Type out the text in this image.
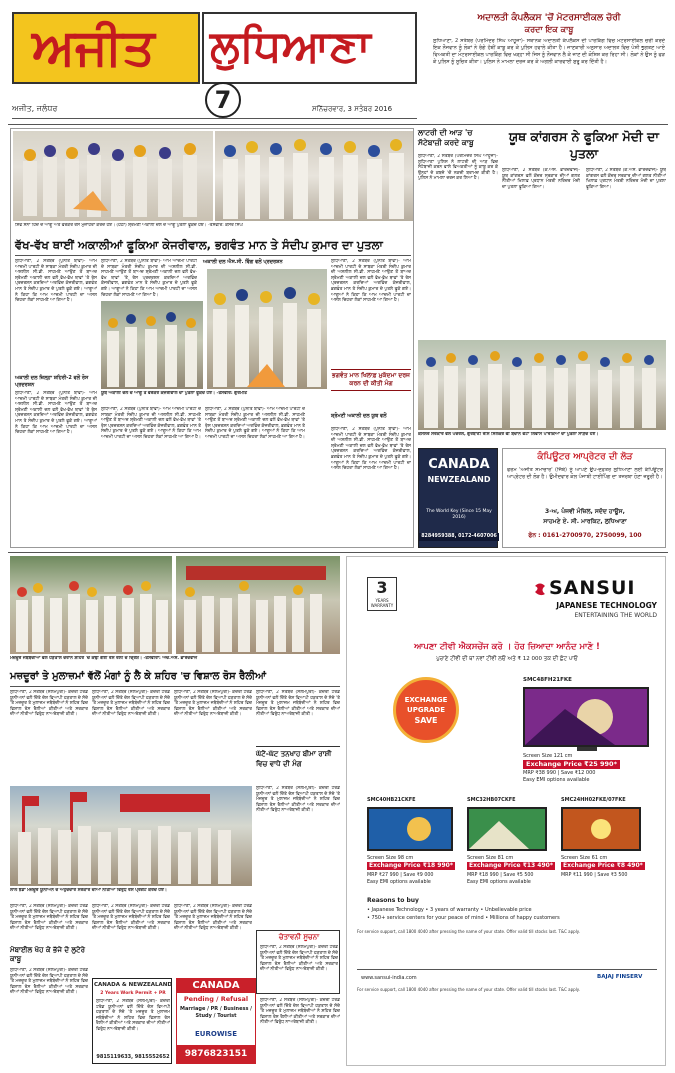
ਅਜੀਤ ਲੁਧਿਆਣਾ
7
ਅਜੀਤ, ਜਲੰਧਰ	ਸਨਿੱਚਰਵਾਰ, 3 ਸਤੰਬਰ 2016
ਅਦਾਲਤੀ ਕੰਪਲੈਕਸ 'ਚੋਂ ਮੋਟਰਸਾਈਕਲ ਚੋਰੀ
ਕਰਦਾ ਇਕ ਕਾਬੂ
ਲੁਧਿਆਣਾ, 2 ਸਤੰਬਰ (ਪਰਮਿੰਦਰ ਸਿੰਘ ਆਹੂਜਾ)- ਸਥਾਨਕ ਅਦਾਲਤੀ ਕੰਪਲੈਕਸ ਦੀ ਪਾਰਕਿੰਗ ਵਿਚ ਮੋਟਰਸਾਈਕਲ ਚੋਰੀ ਕਰਦੇ ਇਕ ਨੌਜਵਾਨ ਨੂੰ ਲੋਕਾਂ ਨੇ ਰੰਗੇ ਹੱਥੀਂ ਕਾਬੂ ਕਰ ਕੇ ਪੁਲਿਸ ਹਵਾਲੇ ਕੀਤਾ ਹੈ। ਜਾਣਕਾਰੀ ਅਨੁਸਾਰ ਅਦਾਲਤ ਵਿਚ ਪੇਸ਼ੀ ਭੁਗਤਣ ਆਏ ਵਿਅਕਤੀ ਦਾ ਮੋਟਰਸਾਈਕਲ ਪਾਰਕਿੰਗ ਵਿਚ ਖੜ੍ਹਾ ਸੀ ਜਿਸ ਨੂੰ ਨੌਜਵਾਨ ਲੈ ਕੇ ਜਾਣ ਦੀ ਕੋਸ਼ਿਸ਼ ਕਰ ਰਿਹਾ ਸੀ। ਲੋਕਾਂ ਨੇ ਉਸ ਨੂੰ ਫੜ ਕੇ ਪੁਲਿਸ ਨੂੰ ਸੂਚਿਤ ਕੀਤਾ। ਪੁਲਿਸ ਨੇ ਮਾਮਲਾ ਦਰਜ ਕਰ ਕੇ ਅਗਲੀ ਕਾਰਵਾਈ ਸ਼ੁਰੂ ਕਰ ਦਿੱਤੀ ਹੈ।
ਸ਼ਿਵ ਸੈਨਾ ਹਿੰਦ ਦੇ ਆਗੂ ਅਤੇ ਵਰਕਰ ਰੋਸ ਮੁਜ਼ਾਹਰਾ ਕਰਦੇ ਹੋਏ। (ਹੇਠਾਂ) ਸ਼੍ਰੋਮਣੀ ਅਕਾਲੀ ਦਲ ਦੇ ਆਗੂ ਪੁਤਲਾ ਫੂਕਦੇ ਹੋਏ। -ਤਸਵੀਰ: ਕੇਸਰ ਸਿੰਘ
ਵੱਖ-ਵੱਖ ਥਾਈਂ ਅਕਾਲੀਆਂ ਫੂਕਿਆ ਕੇਜਰੀਵਾਲ, ਭਗਵੰਤ ਮਾਨ ਤੇ ਸੰਦੀਪ ਕੁਮਾਰ ਦਾ ਪੁਤਲਾ
ਲੁਧਿਆਣਾ, 2 ਸਤੰਬਰ (ਪੁਨੀਤ ਬਾਵਾ)- ਆਮ ਆਦਮੀ ਪਾਰਟੀ ਦੇ ਸਾਬਕਾ ਮੰਤਰੀ ਸੰਦੀਪ ਕੁਮਾਰ ਦੀ ਅਸ਼ਲੀਲ ਸੀ.ਡੀ. ਸਾਹਮਣੇ ਆਉਣ ਤੋਂ ਬਾਅਦ ਸ਼੍ਰੋਮਣੀ ਅਕਾਲੀ ਦਲ ਵਲੋਂ ਵੱਖ-ਵੱਖ ਥਾਵਾਂ 'ਤੇ ਰੋਸ ਪ੍ਰਦਰਸ਼ਨ ਕਰਦਿਆਂ ਅਰਵਿੰਦ ਕੇਜਰੀਵਾਲ, ਭਗਵੰਤ ਮਾਨ ਤੇ ਸੰਦੀਪ ਕੁਮਾਰ ਦੇ ਪੁਤਲੇ ਫੂਕੇ ਗਏ। ਆਗੂਆਂ ਨੇ ਕਿਹਾ ਕਿ ਆਮ ਆਦਮੀ ਪਾਰਟੀ ਦਾ ਅਸਲ ਚਿਹਰਾ ਲੋਕਾਂ ਸਾਹਮਣੇ ਆ ਗਿਆ ਹੈ।
ਅਕਾਲੀ ਦਲ ਜ਼ਿਲ੍ਹਾ ਸ਼ਹਿਰੀ-2 ਵਲੋਂ ਰੋਸ ਪ੍ਰਦਰਸ਼ਨ
ਲੁਧਿਆਣਾ, 2 ਸਤੰਬਰ (ਪੁਨੀਤ ਬਾਵਾ)- ਆਮ ਆਦਮੀ ਪਾਰਟੀ ਦੇ ਸਾਬਕਾ ਮੰਤਰੀ ਸੰਦੀਪ ਕੁਮਾਰ ਦੀ ਅਸ਼ਲੀਲ ਸੀ.ਡੀ. ਸਾਹਮਣੇ ਆਉਣ ਤੋਂ ਬਾਅਦ ਸ਼੍ਰੋਮਣੀ ਅਕਾਲੀ ਦਲ ਵਲੋਂ ਵੱਖ-ਵੱਖ ਥਾਵਾਂ 'ਤੇ ਰੋਸ ਪ੍ਰਦਰਸ਼ਨ ਕਰਦਿਆਂ ਅਰਵਿੰਦ ਕੇਜਰੀਵਾਲ, ਭਗਵੰਤ ਮਾਨ ਤੇ ਸੰਦੀਪ ਕੁਮਾਰ ਦੇ ਪੁਤਲੇ ਫੂਕੇ ਗਏ। ਆਗੂਆਂ ਨੇ ਕਿਹਾ ਕਿ ਆਮ ਆਦਮੀ ਪਾਰਟੀ ਦਾ ਅਸਲ ਚਿਹਰਾ ਲੋਕਾਂ ਸਾਹਮਣੇ ਆ ਗਿਆ ਹੈ।
ਲੁਧਿਆਣਾ, 2 ਸਤੰਬਰ (ਪੁਨੀਤ ਬਾਵਾ)- ਆਮ ਆਦਮੀ ਪਾਰਟੀ ਦੇ ਸਾਬਕਾ ਮੰਤਰੀ ਸੰਦੀਪ ਕੁਮਾਰ ਦੀ ਅਸ਼ਲੀਲ ਸੀ.ਡੀ. ਸਾਹਮਣੇ ਆਉਣ ਤੋਂ ਬਾਅਦ ਸ਼੍ਰੋਮਣੀ ਅਕਾਲੀ ਦਲ ਵਲੋਂ ਵੱਖ-ਵੱਖ ਥਾਵਾਂ 'ਤੇ ਰੋਸ ਪ੍ਰਦਰਸ਼ਨ ਕਰਦਿਆਂ ਅਰਵਿੰਦ ਕੇਜਰੀਵਾਲ, ਭਗਵੰਤ ਮਾਨ ਤੇ ਸੰਦੀਪ ਕੁਮਾਰ ਦੇ ਪੁਤਲੇ ਫੂਕੇ ਗਏ। ਆਗੂਆਂ ਨੇ ਕਿਹਾ ਕਿ ਆਮ ਆਦਮੀ ਪਾਰਟੀ ਦਾ ਅਸਲ ਚਿਹਰਾ ਲੋਕਾਂ ਸਾਹਮਣੇ ਆ ਗਿਆ ਹੈ।
ਅਕਾਲੀ ਦਲ ਐਸ.ਸੀ. ਵਿੰਗ ਵਲੋਂ ਪ੍ਰਦਰਸ਼ਨ
ਯੂਥ ਅਕਾਲੀ ਦਲ ਦੇ ਆਗੂ ਤੇ ਵਰਕਰ ਕੇਜਰੀਵਾਲ ਦਾ ਪੁਤਲਾ ਫੂਕਦੇ ਹੋਏ। -ਤਸਵੀਰ: ਗੁਰਮੀਤ
ਲੁਧਿਆਣਾ, 2 ਸਤੰਬਰ (ਪੁਨੀਤ ਬਾਵਾ)- ਆਮ ਆਦਮੀ ਪਾਰਟੀ ਦੇ ਸਾਬਕਾ ਮੰਤਰੀ ਸੰਦੀਪ ਕੁਮਾਰ ਦੀ ਅਸ਼ਲੀਲ ਸੀ.ਡੀ. ਸਾਹਮਣੇ ਆਉਣ ਤੋਂ ਬਾਅਦ ਸ਼੍ਰੋਮਣੀ ਅਕਾਲੀ ਦਲ ਵਲੋਂ ਵੱਖ-ਵੱਖ ਥਾਵਾਂ 'ਤੇ ਰੋਸ ਪ੍ਰਦਰਸ਼ਨ ਕਰਦਿਆਂ ਅਰਵਿੰਦ ਕੇਜਰੀਵਾਲ, ਭਗਵੰਤ ਮਾਨ ਤੇ ਸੰਦੀਪ ਕੁਮਾਰ ਦੇ ਪੁਤਲੇ ਫੂਕੇ ਗਏ। ਆਗੂਆਂ ਨੇ ਕਿਹਾ ਕਿ ਆਮ ਆਦਮੀ ਪਾਰਟੀ ਦਾ ਅਸਲ ਚਿਹਰਾ ਲੋਕਾਂ ਸਾਹਮਣੇ ਆ ਗਿਆ ਹੈ।
ਲੁਧਿਆਣਾ, 2 ਸਤੰਬਰ (ਪੁਨੀਤ ਬਾਵਾ)- ਆਮ ਆਦਮੀ ਪਾਰਟੀ ਦੇ ਸਾਬਕਾ ਮੰਤਰੀ ਸੰਦੀਪ ਕੁਮਾਰ ਦੀ ਅਸ਼ਲੀਲ ਸੀ.ਡੀ. ਸਾਹਮਣੇ ਆਉਣ ਤੋਂ ਬਾਅਦ ਸ਼੍ਰੋਮਣੀ ਅਕਾਲੀ ਦਲ ਵਲੋਂ ਵੱਖ-ਵੱਖ ਥਾਵਾਂ 'ਤੇ ਰੋਸ ਪ੍ਰਦਰਸ਼ਨ ਕਰਦਿਆਂ ਅਰਵਿੰਦ ਕੇਜਰੀਵਾਲ, ਭਗਵੰਤ ਮਾਨ ਤੇ ਸੰਦੀਪ ਕੁਮਾਰ ਦੇ ਪੁਤਲੇ ਫੂਕੇ ਗਏ। ਆਗੂਆਂ ਨੇ ਕਿਹਾ ਕਿ ਆਮ ਆਦਮੀ ਪਾਰਟੀ ਦਾ ਅਸਲ ਚਿਹਰਾ ਲੋਕਾਂ ਸਾਹਮਣੇ ਆ ਗਿਆ ਹੈ।
ਲੁਧਿਆਣਾ, 2 ਸਤੰਬਰ (ਪੁਨੀਤ ਬਾਵਾ)- ਆਮ ਆਦਮੀ ਪਾਰਟੀ ਦੇ ਸਾਬਕਾ ਮੰਤਰੀ ਸੰਦੀਪ ਕੁਮਾਰ ਦੀ ਅਸ਼ਲੀਲ ਸੀ.ਡੀ. ਸਾਹਮਣੇ ਆਉਣ ਤੋਂ ਬਾਅਦ ਸ਼੍ਰੋਮਣੀ ਅਕਾਲੀ ਦਲ ਵਲੋਂ ਵੱਖ-ਵੱਖ ਥਾਵਾਂ 'ਤੇ ਰੋਸ ਪ੍ਰਦਰਸ਼ਨ ਕਰਦਿਆਂ ਅਰਵਿੰਦ ਕੇਜਰੀਵਾਲ, ਭਗਵੰਤ ਮਾਨ ਤੇ ਸੰਦੀਪ ਕੁਮਾਰ ਦੇ ਪੁਤਲੇ ਫੂਕੇ ਗਏ। ਆਗੂਆਂ ਨੇ ਕਿਹਾ ਕਿ ਆਮ ਆਦਮੀ ਪਾਰਟੀ ਦਾ ਅਸਲ ਚਿਹਰਾ ਲੋਕਾਂ ਸਾਹਮਣੇ ਆ ਗਿਆ ਹੈ।
ਭਗਵੰਤ ਮਾਨ ਖਿਲਾਫ਼ ਮੁਕੱਦਮਾ ਦਰਜ ਕਰਨ ਦੀ ਕੀਤੀ ਮੰਗ
ਸ਼੍ਰੋਮਣੀ ਅਕਾਲੀ ਦਲ ਯੂਥ ਵਲੋਂ
ਲੁਧਿਆਣਾ, 2 ਸਤੰਬਰ (ਪੁਨੀਤ ਬਾਵਾ)- ਆਮ ਆਦਮੀ ਪਾਰਟੀ ਦੇ ਸਾਬਕਾ ਮੰਤਰੀ ਸੰਦੀਪ ਕੁਮਾਰ ਦੀ ਅਸ਼ਲੀਲ ਸੀ.ਡੀ. ਸਾਹਮਣੇ ਆਉਣ ਤੋਂ ਬਾਅਦ ਸ਼੍ਰੋਮਣੀ ਅਕਾਲੀ ਦਲ ਵਲੋਂ ਵੱਖ-ਵੱਖ ਥਾਵਾਂ 'ਤੇ ਰੋਸ ਪ੍ਰਦਰਸ਼ਨ ਕਰਦਿਆਂ ਅਰਵਿੰਦ ਕੇਜਰੀਵਾਲ, ਭਗਵੰਤ ਮਾਨ ਤੇ ਸੰਦੀਪ ਕੁਮਾਰ ਦੇ ਪੁਤਲੇ ਫੂਕੇ ਗਏ। ਆਗੂਆਂ ਨੇ ਕਿਹਾ ਕਿ ਆਮ ਆਦਮੀ ਪਾਰਟੀ ਦਾ ਅਸਲ ਚਿਹਰਾ ਲੋਕਾਂ ਸਾਹਮਣੇ ਆ ਗਿਆ ਹੈ।
ਲਾਟਰੀ ਦੀ ਆੜ 'ਚ ਸੱਟੇਬਾਜ਼ੀ ਕਰਦੇ ਕਾਬੂ
ਲੁਧਿਆਣਾ, 2 ਸਤੰਬਰ (ਪਰਮਿੰਦਰ ਸਿੰਘ ਆਹੂਜਾ)- ਲੁਧਿਆਣਾ ਪੁਲਿਸ ਨੇ ਲਾਟਰੀ ਦੀ ਆੜ ਵਿਚ ਸੱਟੇਬਾਜ਼ੀ ਕਰਨ ਵਾਲੇ ਵਿਅਕਤੀਆਂ ਨੂੰ ਕਾਬੂ ਕਰ ਕੇ ਉਨ੍ਹਾਂ ਦੇ ਕਬਜ਼ੇ 'ਚੋਂ ਨਕਦੀ ਬਰਾਮਦ ਕੀਤੀ ਹੈ। ਪੁਲਿਸ ਨੇ ਮਾਮਲਾ ਦਰਜ ਕਰ ਲਿਆ ਹੈ।
ਯੂਥ ਕਾਂਗਰਸ ਨੇ ਫੂਕਿਆ ਮੋਦੀ ਦਾ ਪੁਤਲਾ
ਲੁਧਿਆਣਾ, 2 ਸਤੰਬਰ (ਕੇ.ਐਸ. ਭਾਰਦਵਾਜ)- ਯੂਥ ਕਾਂਗਰਸ ਵਲੋਂ ਕੇਂਦਰ ਸਰਕਾਰ ਦੀਆਂ ਗਲਤ ਨੀਤੀਆਂ ਖਿਲਾਫ਼ ਪ੍ਰਧਾਨ ਮੰਤਰੀ ਨਰਿੰਦਰ ਮੋਦੀ ਦਾ ਪੁਤਲਾ ਫੂਕਿਆ ਗਿਆ।
ਲੁਧਿਆਣਾ, 2 ਸਤੰਬਰ (ਕੇ.ਐਸ. ਭਾਰਦਵਾਜ)- ਯੂਥ ਕਾਂਗਰਸ ਵਲੋਂ ਕੇਂਦਰ ਸਰਕਾਰ ਦੀਆਂ ਗਲਤ ਨੀਤੀਆਂ ਖਿਲਾਫ਼ ਪ੍ਰਧਾਨ ਮੰਤਰੀ ਨਰਿੰਦਰ ਮੋਦੀ ਦਾ ਪੁਤਲਾ ਫੂਕਿਆ ਗਿਆ।
ਕੌਂਸਲਰ ਸਰਕਾਰ ਵਲੋਂ ਪੰਦਰੋਲ, ਗੁਰਬਾਣੀ ਰੀਸ ਸਿਲਕਰ ਵੀ ਬਦਾਨੇ ਵੇਟਾਂ ਲਿਵਾਸ ਪਾਰਕਿਆਂ ਦਾ ਪੁਤਲਾ ਸਾੜਦੇ ਹੋਏ।
CANADA
NEWZEALAND
The World Key (Since 15 May 2016)
8284959388, 0172-4607006
ਕੰਪਿਊਟਰ ਆਪ੍ਰੇਟਰ ਦੀ ਲੋੜ
ਫਰਮ 'ਅਜੀਤ ਸਮਾਚਾਰ' (ਜਿੱਥੇ) ਨੂੰ ਆਪਣੇ ਉਪ-ਦਫ਼ਤਰ ਲੁਧਿਆਣਾ ਲਈ ਕੰਪਿਊਟਰ ਆਪ੍ਰੇਟਰ ਦੀ ਲੋੜ ਹੈ। ਉਮੀਦਵਾਰ ਕੋਲ ਪੰਜਾਬੀ ਟਾਈਪਿੰਗ ਦਾ ਤਜਰਬਾ ਹੋਣਾ ਜ਼ਰੂਰੀ ਹੈ।
3-ਅ, ਪੰਜਵੀ ਮੰਜ਼ਿਲ, ਸਦੱਦ ਹਾਊਸ,
ਸਾਹਮਣੇ ਏ. ਸੀ. ਮਾਰਕਿਟ, ਲੁਧਿਆਣਾ
ਫੋਨ : 0161-2700970, 2750099, 100
ਮਜ਼ਦੂਰ ਜਥੇਬੰਦੀਆਂ ਵਲੋਂ ਹੜਤਾਲ ਦੌਰਾਨ ਸ਼ਹਿਰ 'ਚ ਕੱਢੀ ਗਈ ਰੋਸ ਰੈਲੀ ਦੇ ਦ੍ਰਿਸ਼। -ਤਸਵੀਰਾਂ: ਐਚ.ਐਸ. ਭਾਰਦਵਾਜ
ਮਜ਼ਦੂਰਾਂ ਤੇ ਮੁਲਾਜ਼ਮਾਂ ਵੱਲੋਂ ਮੰਗਾਂ ਨੂੰ ਲੈ ਕੇ ਸ਼ਹਿਰ 'ਚ ਵਿਸ਼ਾਲ ਰੋਸ ਰੈਲੀਆਂ
ਲੁਧਿਆਣਾ, 2 ਸਤੰਬਰ (ਸਲੇਮਪੁਰੀ)- ਕੇਂਦਰੀ ਟਰੇਡ ਯੂਨੀਅਨਾਂ ਵਲੋਂ ਦਿੱਤੇ ਦੇਸ਼ ਵਿਆਪੀ ਹੜਤਾਲ ਦੇ ਸੱਦੇ 'ਤੇ ਮਜ਼ਦੂਰ ਤੇ ਮੁਲਾਜ਼ਮ ਜਥੇਬੰਦੀਆਂ ਨੇ ਸ਼ਹਿਰ ਵਿਚ ਵਿਸ਼ਾਲ ਰੋਸ ਰੈਲੀਆਂ ਕੀਤੀਆਂ ਅਤੇ ਸਰਕਾਰ ਦੀਆਂ ਨੀਤੀਆਂ ਵਿਰੁੱਧ ਨਾਅਰੇਬਾਜ਼ੀ ਕੀਤੀ।
ਲੁਧਿਆਣਾ, 2 ਸਤੰਬਰ (ਸਲੇਮਪੁਰੀ)- ਕੇਂਦਰੀ ਟਰੇਡ ਯੂਨੀਅਨਾਂ ਵਲੋਂ ਦਿੱਤੇ ਦੇਸ਼ ਵਿਆਪੀ ਹੜਤਾਲ ਦੇ ਸੱਦੇ 'ਤੇ ਮਜ਼ਦੂਰ ਤੇ ਮੁਲਾਜ਼ਮ ਜਥੇਬੰਦੀਆਂ ਨੇ ਸ਼ਹਿਰ ਵਿਚ ਵਿਸ਼ਾਲ ਰੋਸ ਰੈਲੀਆਂ ਕੀਤੀਆਂ ਅਤੇ ਸਰਕਾਰ ਦੀਆਂ ਨੀਤੀਆਂ ਵਿਰੁੱਧ ਨਾਅਰੇਬਾਜ਼ੀ ਕੀਤੀ।
ਲੁਧਿਆਣਾ, 2 ਸਤੰਬਰ (ਸਲੇਮਪੁਰੀ)- ਕੇਂਦਰੀ ਟਰੇਡ ਯੂਨੀਅਨਾਂ ਵਲੋਂ ਦਿੱਤੇ ਦੇਸ਼ ਵਿਆਪੀ ਹੜਤਾਲ ਦੇ ਸੱਦੇ 'ਤੇ ਮਜ਼ਦੂਰ ਤੇ ਮੁਲਾਜ਼ਮ ਜਥੇਬੰਦੀਆਂ ਨੇ ਸ਼ਹਿਰ ਵਿਚ ਵਿਸ਼ਾਲ ਰੋਸ ਰੈਲੀਆਂ ਕੀਤੀਆਂ ਅਤੇ ਸਰਕਾਰ ਦੀਆਂ ਨੀਤੀਆਂ ਵਿਰੁੱਧ ਨਾਅਰੇਬਾਜ਼ੀ ਕੀਤੀ।
ਲੁਧਿਆਣਾ, 2 ਸਤੰਬਰ (ਸਲੇਮਪੁਰੀ)- ਕੇਂਦਰੀ ਟਰੇਡ ਯੂਨੀਅਨਾਂ ਵਲੋਂ ਦਿੱਤੇ ਦੇਸ਼ ਵਿਆਪੀ ਹੜਤਾਲ ਦੇ ਸੱਦੇ 'ਤੇ ਮਜ਼ਦੂਰ ਤੇ ਮੁਲਾਜ਼ਮ ਜਥੇਬੰਦੀਆਂ ਨੇ ਸ਼ਹਿਰ ਵਿਚ ਵਿਸ਼ਾਲ ਰੋਸ ਰੈਲੀਆਂ ਕੀਤੀਆਂ ਅਤੇ ਸਰਕਾਰ ਦੀਆਂ ਨੀਤੀਆਂ ਵਿਰੁੱਧ ਨਾਅਰੇਬਾਜ਼ੀ ਕੀਤੀ।
ਘੱਟੋ-ਘੱਟ ਤਨਖਾਹ ਬੀਮਾ ਰਾਸ਼ੀ ਵਿਚ ਵਾਧੇ ਦੀ ਮੰਗ
ਲਾਲ ਝੰਡਾ ਮਜ਼ਦੂਰ ਯੂਨੀਅਨ ਦੇ ਅਹੁਦੇਦਾਰ ਸਰਕਾਰ ਦੀਆਂ ਨੀਤੀਆਂ ਵਿਰੁੱਧ ਰੋਸ ਪ੍ਰਗਟ ਕਰਦੇ ਹੋਏ।
ਲੁਧਿਆਣਾ, 2 ਸਤੰਬਰ (ਸਲੇਮਪੁਰੀ)- ਕੇਂਦਰੀ ਟਰੇਡ ਯੂਨੀਅਨਾਂ ਵਲੋਂ ਦਿੱਤੇ ਦੇਸ਼ ਵਿਆਪੀ ਹੜਤਾਲ ਦੇ ਸੱਦੇ 'ਤੇ ਮਜ਼ਦੂਰ ਤੇ ਮੁਲਾਜ਼ਮ ਜਥੇਬੰਦੀਆਂ ਨੇ ਸ਼ਹਿਰ ਵਿਚ ਵਿਸ਼ਾਲ ਰੋਸ ਰੈਲੀਆਂ ਕੀਤੀਆਂ ਅਤੇ ਸਰਕਾਰ ਦੀਆਂ ਨੀਤੀਆਂ ਵਿਰੁੱਧ ਨਾਅਰੇਬਾਜ਼ੀ ਕੀਤੀ।
ਲੁਧਿਆਣਾ, 2 ਸਤੰਬਰ (ਸਲੇਮਪੁਰੀ)- ਕੇਂਦਰੀ ਟਰੇਡ ਯੂਨੀਅਨਾਂ ਵਲੋਂ ਦਿੱਤੇ ਦੇਸ਼ ਵਿਆਪੀ ਹੜਤਾਲ ਦੇ ਸੱਦੇ 'ਤੇ ਮਜ਼ਦੂਰ ਤੇ ਮੁਲਾਜ਼ਮ ਜਥੇਬੰਦੀਆਂ ਨੇ ਸ਼ਹਿਰ ਵਿਚ ਵਿਸ਼ਾਲ ਰੋਸ ਰੈਲੀਆਂ ਕੀਤੀਆਂ ਅਤੇ ਸਰਕਾਰ ਦੀਆਂ ਨੀਤੀਆਂ ਵਿਰੁੱਧ ਨਾਅਰੇਬਾਜ਼ੀ ਕੀਤੀ।
ਮੋਬਾਈਲ ਖੋਹ ਕੇ ਭੱਜੇ ਦੋ ਲੁਟੇਰੇ ਕਾਬੂ
ਲੁਧਿਆਣਾ, 2 ਸਤੰਬਰ (ਸਲੇਮਪੁਰੀ)- ਕੇਂਦਰੀ ਟਰੇਡ ਯੂਨੀਅਨਾਂ ਵਲੋਂ ਦਿੱਤੇ ਦੇਸ਼ ਵਿਆਪੀ ਹੜਤਾਲ ਦੇ ਸੱਦੇ 'ਤੇ ਮਜ਼ਦੂਰ ਤੇ ਮੁਲਾਜ਼ਮ ਜਥੇਬੰਦੀਆਂ ਨੇ ਸ਼ਹਿਰ ਵਿਚ ਵਿਸ਼ਾਲ ਰੋਸ ਰੈਲੀਆਂ ਕੀਤੀਆਂ ਅਤੇ ਸਰਕਾਰ ਦੀਆਂ ਨੀਤੀਆਂ ਵਿਰੁੱਧ ਨਾਅਰੇਬਾਜ਼ੀ ਕੀਤੀ।
ਲੁਧਿਆਣਾ, 2 ਸਤੰਬਰ (ਸਲੇਮਪੁਰੀ)- ਕੇਂਦਰੀ ਟਰੇਡ ਯੂਨੀਅਨਾਂ ਵਲੋਂ ਦਿੱਤੇ ਦੇਸ਼ ਵਿਆਪੀ ਹੜਤਾਲ ਦੇ ਸੱਦੇ 'ਤੇ ਮਜ਼ਦੂਰ ਤੇ ਮੁਲਾਜ਼ਮ ਜਥੇਬੰਦੀਆਂ ਨੇ ਸ਼ਹਿਰ ਵਿਚ ਵਿਸ਼ਾਲ ਰੋਸ ਰੈਲੀਆਂ ਕੀਤੀਆਂ ਅਤੇ ਸਰਕਾਰ ਦੀਆਂ ਨੀਤੀਆਂ ਵਿਰੁੱਧ ਨਾਅਰੇਬਾਜ਼ੀ ਕੀਤੀ।
ਲੁਧਿਆਣਾ, 2 ਸਤੰਬਰ (ਸਲੇਮਪੁਰੀ)- ਕੇਂਦਰੀ ਟਰੇਡ ਯੂਨੀਅਨਾਂ ਵਲੋਂ ਦਿੱਤੇ ਦੇਸ਼ ਵਿਆਪੀ ਹੜਤਾਲ ਦੇ ਸੱਦੇ 'ਤੇ ਮਜ਼ਦੂਰ ਤੇ ਮੁਲਾਜ਼ਮ ਜਥੇਬੰਦੀਆਂ ਨੇ ਸ਼ਹਿਰ ਵਿਚ ਵਿਸ਼ਾਲ ਰੋਸ ਰੈਲੀਆਂ ਕੀਤੀਆਂ ਅਤੇ ਸਰਕਾਰ ਦੀਆਂ ਨੀਤੀਆਂ ਵਿਰੁੱਧ ਨਾਅਰੇਬਾਜ਼ੀ ਕੀਤੀ।
ਚੇਤਾਵਨੀ ਸੂਚਨਾ
ਲੁਧਿਆਣਾ, 2 ਸਤੰਬਰ (ਸਲੇਮਪੁਰੀ)- ਕੇਂਦਰੀ ਟਰੇਡ ਯੂਨੀਅਨਾਂ ਵਲੋਂ ਦਿੱਤੇ ਦੇਸ਼ ਵਿਆਪੀ ਹੜਤਾਲ ਦੇ ਸੱਦੇ 'ਤੇ ਮਜ਼ਦੂਰ ਤੇ ਮੁਲਾਜ਼ਮ ਜਥੇਬੰਦੀਆਂ ਨੇ ਸ਼ਹਿਰ ਵਿਚ ਵਿਸ਼ਾਲ ਰੋਸ ਰੈਲੀਆਂ ਕੀਤੀਆਂ ਅਤੇ ਸਰਕਾਰ ਦੀਆਂ ਨੀਤੀਆਂ ਵਿਰੁੱਧ ਨਾਅਰੇਬਾਜ਼ੀ ਕੀਤੀ।
CANADA & NEWZEALAND
2 Years Work Permit + PR
ਲੁਧਿਆਣਾ, 2 ਸਤੰਬਰ (ਸਲੇਮਪੁਰੀ)- ਕੇਂਦਰੀ ਟਰੇਡ ਯੂਨੀਅਨਾਂ ਵਲੋਂ ਦਿੱਤੇ ਦੇਸ਼ ਵਿਆਪੀ ਹੜਤਾਲ ਦੇ ਸੱਦੇ 'ਤੇ ਮਜ਼ਦੂਰ ਤੇ ਮੁਲਾਜ਼ਮ ਜਥੇਬੰਦੀਆਂ ਨੇ ਸ਼ਹਿਰ ਵਿਚ ਵਿਸ਼ਾਲ ਰੋਸ ਰੈਲੀਆਂ ਕੀਤੀਆਂ ਅਤੇ ਸਰਕਾਰ ਦੀਆਂ ਨੀਤੀਆਂ ਵਿਰੁੱਧ ਨਾਅਰੇਬਾਜ਼ੀ ਕੀਤੀ।
9815119633, 9815552652
CANADA
Pending / Refusal
Marriage / PR / Business / Study / Tourist
EUROWISE
9876823151
ਲੁਧਿਆਣਾ, 2 ਸਤੰਬਰ (ਸਲੇਮਪੁਰੀ)- ਕੇਂਦਰੀ ਟਰੇਡ ਯੂਨੀਅਨਾਂ ਵਲੋਂ ਦਿੱਤੇ ਦੇਸ਼ ਵਿਆਪੀ ਹੜਤਾਲ ਦੇ ਸੱਦੇ 'ਤੇ ਮਜ਼ਦੂਰ ਤੇ ਮੁਲਾਜ਼ਮ ਜਥੇਬੰਦੀਆਂ ਨੇ ਸ਼ਹਿਰ ਵਿਚ ਵਿਸ਼ਾਲ ਰੋਸ ਰੈਲੀਆਂ ਕੀਤੀਆਂ ਅਤੇ ਸਰਕਾਰ ਦੀਆਂ ਨੀਤੀਆਂ ਵਿਰੁੱਧ ਨਾਅਰੇਬਾਜ਼ੀ ਕੀਤੀ।
3
YEARS WARRANTY
SANSUI
JAPANESE TECHNOLOGY
ENTERTAINING THE WORLD
ਆਪਣਾ ਟੀਵੀ ਐਕਸਚੇਂਜ ਕਰੋ । ਹੋਰ ਜ਼ਿਆਦਾ ਆਨੰਦ ਮਾਣੋ !
ਪੁਰਾਣੇ ਟੀਵੀ ਦੀ ਥਾਂ ਨਵਾਂ ਟੀਵੀ ਲਓ ਅਤੇ ₹ 12 000 ਤਕ ਦੀ ਛੋਟ ਪਾਓ
EXCHANGE
UPGRADE
SAVE
SMC48FH21FKE
Screen Size 121 cm
Exchange Price ₹25 990*
MRP ₹38 990 | Save ₹12 000
Easy EMI options available
SMC40HB21CKFE
Screen Size 98 cm
Exchange Price ₹18 990*
MRP ₹27 990 | Save ₹9 000
Easy EMI options available
SMC32HB07CKFE
Screen Size 81 cm
Exchange Price ₹13 490*
MRP ₹18 990 | Save ₹5 500
Easy EMI options available
SMC24HH02FKE/07FKE
Screen Size 61 cm
Exchange Price ₹8 490*
MRP ₹11 990 | Save ₹3 500
Reasons to buy
• Japanese Technology • 3 years of warranty • Unbelievable price
• 750+ service centers for your peace of mind • Millions of happy customers
For service support, call 1800 4040 after pressing the name of your state. Offer valid till stocks last. T&C apply.
www.sansui-india.com	BAJAJ FINSERV
For service support, call 1800 4040 after pressing the name of your state. Offer valid till stocks last. T&C apply.
